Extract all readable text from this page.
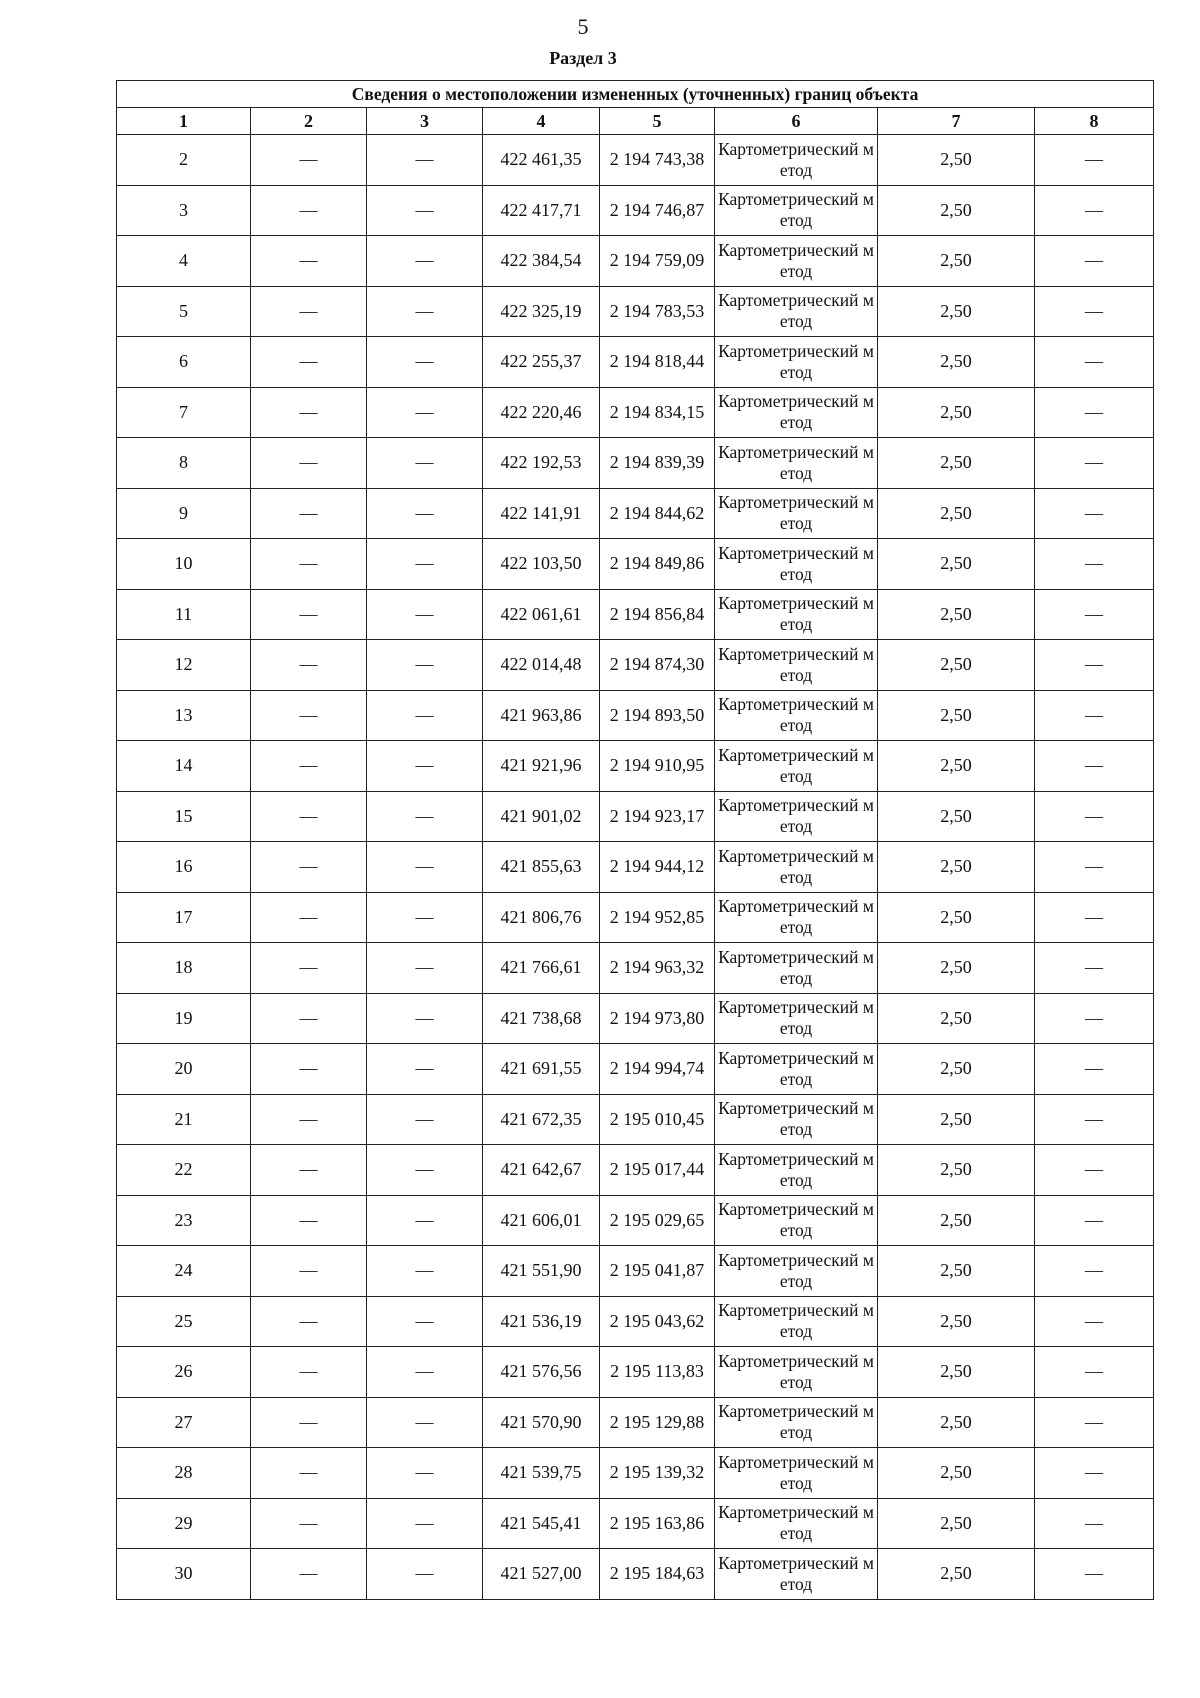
5
Раздел 3
Сведения о местоположении измененных (уточненных) границ объекта							
1	2	3	4	5	6	7	8
2	—	—	422 461,35	2 194 743,38	Картометрический метод	2,50	—
3	—	—	422 417,71	2 194 746,87	Картометрический метод	2,50	—
4	—	—	422 384,54	2 194 759,09	Картометрический метод	2,50	—
5	—	—	422 325,19	2 194 783,53	Картометрический метод	2,50	—
6	—	—	422 255,37	2 194 818,44	Картометрический метод	2,50	—
7	—	—	422 220,46	2 194 834,15	Картометрический метод	2,50	—
8	—	—	422 192,53	2 194 839,39	Картометрический метод	2,50	—
9	—	—	422 141,91	2 194 844,62	Картометрический метод	2,50	—
10	—	—	422 103,50	2 194 849,86	Картометрический метод	2,50	—
11	—	—	422 061,61	2 194 856,84	Картометрический метод	2,50	—
12	—	—	422 014,48	2 194 874,30	Картометрический метод	2,50	—
13	—	—	421 963,86	2 194 893,50	Картометрический метод	2,50	—
14	—	—	421 921,96	2 194 910,95	Картометрический метод	2,50	—
15	—	—	421 901,02	2 194 923,17	Картометрический метод	2,50	—
16	—	—	421 855,63	2 194 944,12	Картометрический метод	2,50	—
17	—	—	421 806,76	2 194 952,85	Картометрический метод	2,50	—
18	—	—	421 766,61	2 194 963,32	Картометрический метод	2,50	—
19	—	—	421 738,68	2 194 973,80	Картометрический метод	2,50	—
20	—	—	421 691,55	2 194 994,74	Картометрический метод	2,50	—
21	—	—	421 672,35	2 195 010,45	Картометрический метод	2,50	—
22	—	—	421 642,67	2 195 017,44	Картометрический метод	2,50	—
23	—	—	421 606,01	2 195 029,65	Картометрический метод	2,50	—
24	—	—	421 551,90	2 195 041,87	Картометрический метод	2,50	—
25	—	—	421 536,19	2 195 043,62	Картометрический метод	2,50	—
26	—	—	421 576,56	2 195 113,83	Картометрический метод	2,50	—
27	—	—	421 570,90	2 195 129,88	Картометрический метод	2,50	—
28	—	—	421 539,75	2 195 139,32	Картометрический метод	2,50	—
29	—	—	421 545,41	2 195 163,86	Картометрический метод	2,50	—
30	—	—	421 527,00	2 195 184,63	Картометрический метод	2,50	—
